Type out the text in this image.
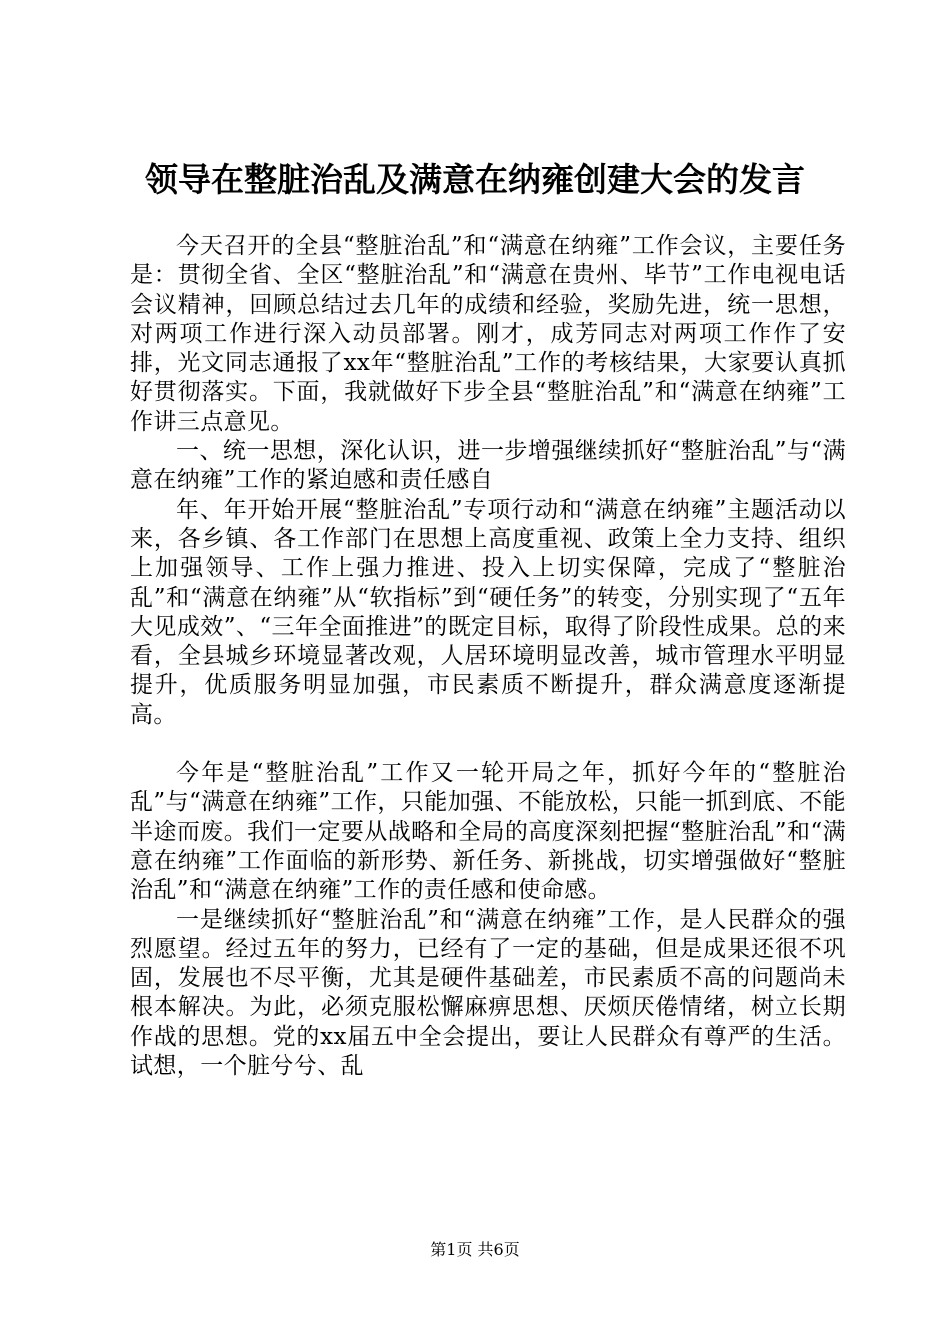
领导在整脏治乱及满意在纳雍创建大会的发言

今天召开的全县“整脏治乱”和“满意在纳雍”工作会议，主要任务是：贯彻全省、全区“整脏治乱”和“满意在贵州、毕节”工作电视电话会议精神，回顾总结过去几年的成绩和经验，奖励先进，统一思想，对两项工作进行深入动员部署。刚才，成芳同志对两项工作作了安排，光文同志通报了xx年“整脏治乱”工作的考核结果，大家要认真抓好贯彻落实。下面，我就做好下步全县“整脏治乱”和“满意在纳雍”工作讲三点意见。

一、统一思想，深化认识，进一步增强继续抓好“整脏治乱”与“满意在纳雍”工作的紧迫感和责任感自

年、年开始开展“整脏治乱”专项行动和“满意在纳雍”主题活动以来，各乡镇、各工作部门在思想上高度重视、政策上全力支持、组织上加强领导、工作上强力推进、投入上切实保障，完成了“整脏治乱”和“满意在纳雍”从“软指标”到“硬任务”的转变，分别实现了“五年大见成效”、“三年全面推进”的既定目标，取得了阶段性成果。总的来看，全县城乡环境显著改观，人居环境明显改善，城市管理水平明显提升，优质服务明显加强，市民素质不断提升，群众满意度逐渐提高。

今年是“整脏治乱”工作又一轮开局之年，抓好今年的“整脏治乱”与“满意在纳雍”工作，只能加强、不能放松，只能一抓到底、不能半途而废。我们一定要从战略和全局的高度深刻把握“整脏治乱”和“满意在纳雍”工作面临的新形势、新任务、新挑战，切实增强做好“整脏治乱”和“满意在纳雍”工作的责任感和使命感。

一是继续抓好“整脏治乱”和“满意在纳雍”工作，是人民群众的强烈愿望。经过五年的努力，已经有了一定的基础，但是成果还很不巩固，发展也不尽平衡，尤其是硬件基础差，市民素质不高的问题尚未根本解决。为此，必须克服松懈麻痹思想、厌烦厌倦情绪，树立长期作战的思想。党的xx届五中全会提出，要让人民群众有尊严的生活。试想，一个脏兮兮、乱

第1页 共6页
